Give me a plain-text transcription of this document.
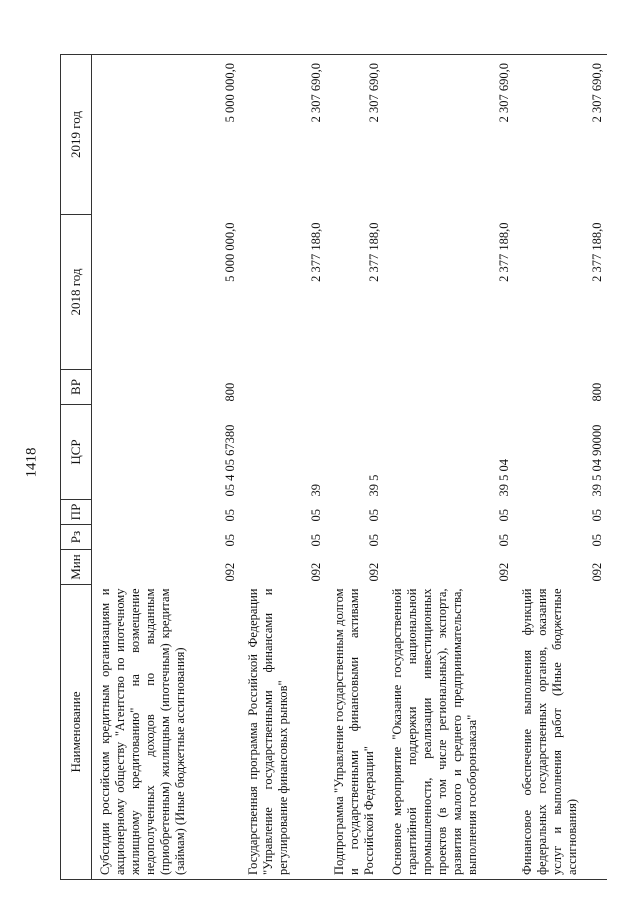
1418
Наименование	Мин	Рз	ПР	ЦСР	ВР	2018 год	2019 год
Субсидии российским кредитным организациям и акционерному обществу "Агентство по ипотечному жилищному кредитованию" на возмещение недополученных доходов по выданным (приобретенным) жилищным (ипотечным) кредитам (займам) (Иные бюджетные ассигнования)	092	05	05	05 4 05 67380	800	5 000 000,0	5 000 000,0
Государственная программа Российской Федерации "Управление государственными финансами и регулирование финансовых рынков"	092	05	05	39		2 377 188,0	2 307 690,0
Подпрограмма "Управление государственным долгом и государственными финансовыми активами Российской Федерации"	092	05	05	39 5		2 377 188,0	2 307 690,0
Основное мероприятие "Оказание государственной гарантийной поддержки национальной промышленности, реализации инвестиционных проектов (в том числе региональных), экспорта, развития малого и среднего предпринимательства, выполнения гособоронзаказа"	092	05	05	39 5 04		2 377 188,0	2 307 690,0
Финансовое обеспечение выполнения функций федеральных государственных органов, оказания услуг и выполнения работ (Иные бюджетные ассигнования)	092	05	05	39 5 04 90000	800	2 377 188,0	2 307 690,0
